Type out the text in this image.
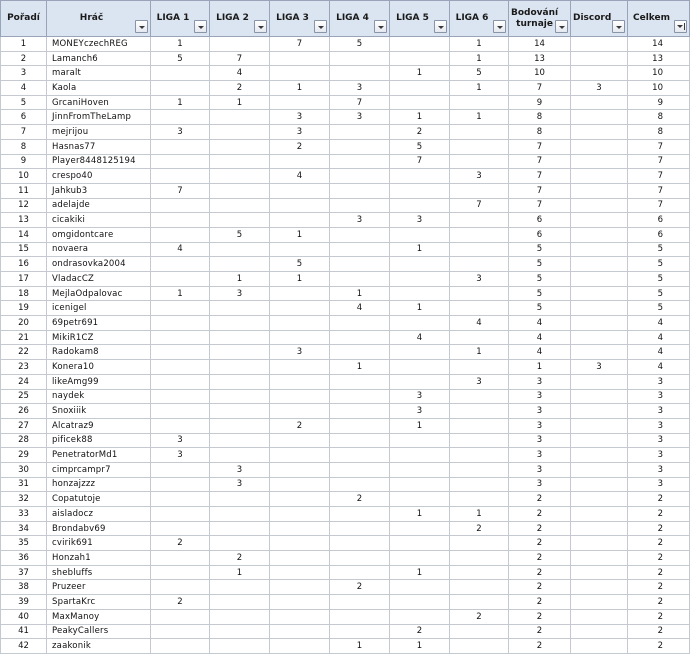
Pořadí	Hráč	LIGA 1	LIGA 2	LIGA 3	LIGA 4	LIGA 5	LIGA 6	Bodování turnaje	Discord	Celkem

1	MONEYczechREG	1		7	5		1	14		14
2	Lamanch6	5	7				1	13		13
3	maralt		4			1	5	10		10
4	Kaola		2	1	3		1	7	3	10
5	GrcaniHoven	1	1		7			9		9
6	JinnFromTheLamp			3	3	1	1	8		8
7	mejrijou	3		3		2		8		8
8	Hasnas77			2		5		7		7
9	Player8448125194					7		7		7
10	crespo40			4			3	7		7
11	Jahkub3	7						7		7
12	adelajde						7	7		7
13	cicakiki				3	3		6		6
14	omgidontcare		5	1				6		6
15	novaera	4				1		5		5
16	ondrasovka2004			5				5		5
17	VladacCZ		1	1			3	5		5
18	MejlaOdpalovac	1	3		1			5		5
19	icenigel				4	1		5		5
20	69petr691						4	4		4
21	MikiR1CZ					4		4		4
22	Radokam8			3			1	4		4
23	Konera10				1			1	3	4
24	likeAmg99						3	3		3
25	naydek					3		3		3
26	Snoxiiik					3		3		3
27	Alcatraz9			2		1		3		3
28	pificek88	3						3		3
29	PenetratorMd1	3						3		3
30	cimprcampr7		3					3		3
31	honzajzzz		3					3		3
32	Copatutoje				2			2		2
33	aisladocz					1	1	2		2
34	Brondabv69						2	2		2
35	cvirik691	2						2		2
36	Honzah1		2					2		2
37	shebluffs		1			1		2		2
38	Pruzeer				2			2		2
39	SpartaKrc	2						2		2
40	MaxManoy						2	2		2
41	PeakyCallers					2		2		2
42	zaakonik				1	1		2		2
